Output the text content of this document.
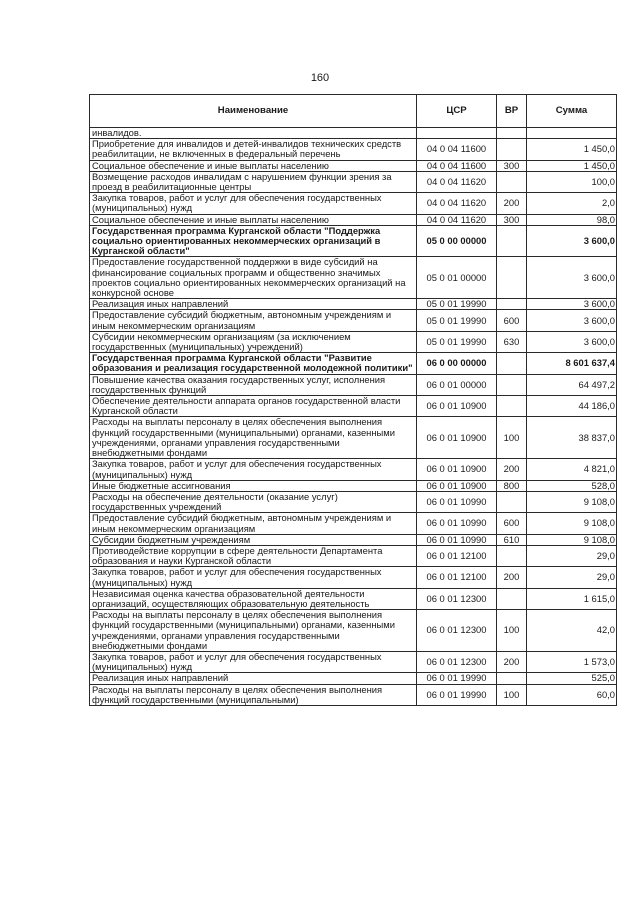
160
Наименование	ЦСР	ВР	Сумма
инвалидов.			
Приобретение для инвалидов и детей-инвалидов технических средств реабилитации, не включенных в федеральный перечень	04 0 04 11600		1 450,0
Социальное обеспечение и иные выплаты населению	04 0 04 11600	300	1 450,0
Возмещение расходов инвалидам с нарушением функции зрения за проезд в реабилитационные центры	04 0 04 11620		100,0
Закупка товаров, работ и услуг для обеспечения государственных (муниципальных) нужд	04 0 04 11620	200	2,0
Социальное обеспечение и иные выплаты населению	04 0 04 11620	300	98,0
Государственная программа Курганской области "Поддержка социально ориентированных некоммерческих организаций в Курганской области"	05 0 00 00000		3 600,0
Предоставление государственной поддержки в виде субсидий на финансирование социальных программ и общественно значимых проектов социально ориентированных некоммерческих организаций на конкурсной основе	05 0 01 00000		3 600,0
Реализация иных направлений	05 0 01 19990		3 600,0
Предоставление субсидий бюджетным, автономным учреждениям и иным некоммерческим организациям	05 0 01 19990	600	3 600,0
Субсидии некоммерческим организациям (за исключением государственных (муниципальных) учреждений)	05 0 01 19990	630	3 600,0
Государственная программа Курганской области "Развитие образования и реализация государственной молодежной политики"	06 0 00 00000		8 601 637,4
Повышение качества оказания государственных услуг, исполнения государственных функций	06 0 01 00000		64 497,2
Обеспечение деятельности аппарата органов государственной власти Курганской области	06 0 01 10900		44 186,0
Расходы на выплаты персоналу в целях обеспечения выполнения функций государственными (муниципальными) органами, казенными учреждениями, органами управления государственными внебюджетными фондами	06 0 01 10900	100	38 837,0
Закупка товаров, работ и услуг для обеспечения государственных (муниципальных) нужд	06 0 01 10900	200	4 821,0
Иные бюджетные ассигнования	06 0 01 10900	800	528,0
Расходы на обеспечение деятельности (оказание услуг) государственных учреждений	06 0 01 10990		9 108,0
Предоставление субсидий бюджетным, автономным учреждениям и иным некоммерческим организациям	06 0 01 10990	600	9 108,0
Субсидии бюджетным учреждениям	06 0 01 10990	610	9 108,0
Противодействие коррупции в сфере деятельности Департамента образования и науки Курганской области	06 0 01 12100		29,0
Закупка товаров, работ и услуг для обеспечения государственных (муниципальных) нужд	06 0 01 12100	200	29,0
Независимая оценка качества образовательной деятельности организаций, осуществляющих образовательную деятельность	06 0 01 12300		1 615,0
Расходы на выплаты персоналу в целях обеспечения выполнения функций государственными (муниципальными) органами, казенными учреждениями, органами управления государственными внебюджетными фондами	06 0 01 12300	100	42,0
Закупка товаров, работ и услуг для обеспечения государственных (муниципальных) нужд	06 0 01 12300	200	1 573,0
Реализация иных направлений	06 0 01 19990		525,0
Расходы на выплаты персоналу в целях обеспечения выполнения функций государственными (муниципальными)	06 0 01 19990	100	60,0
